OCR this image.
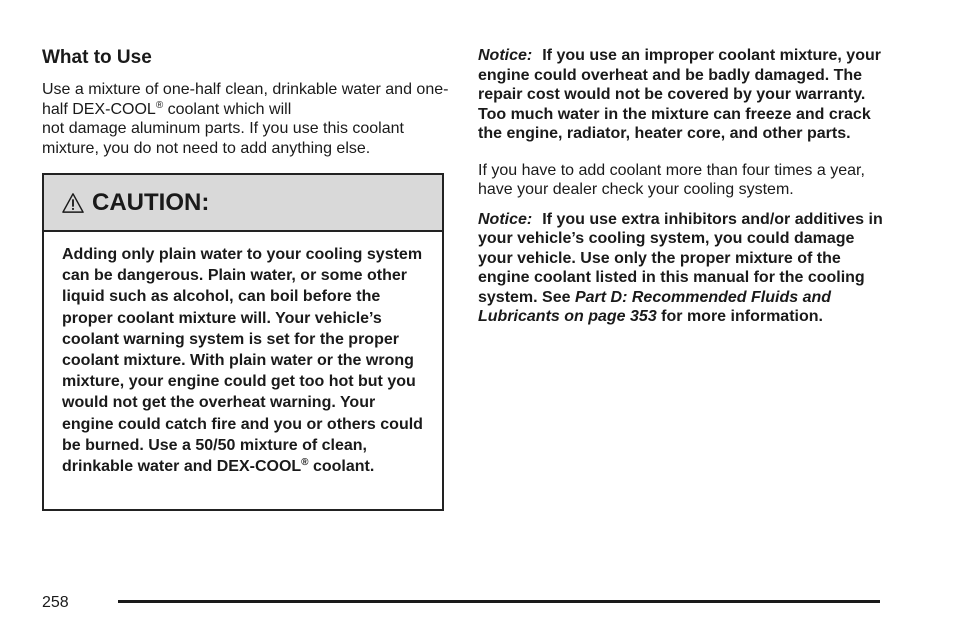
What to Use

Use a mixture of one-half clean, drinkable water and one-half DEX-COOL® coolant which will
not damage aluminum parts. If you use this coolant mixture, you do not need to add anything else.

CAUTION:

Adding only plain water to your cooling system can be dangerous. Plain water, or some other liquid such as alcohol, can boil before the proper coolant mixture will. Your vehicle’s coolant warning system is set for the proper coolant mixture. With plain water or the wrong mixture, your engine could get too hot but you would not get the overheat warning. Your engine could catch fire and you or others could be burned. Use a 50/50 mixture of clean, drinkable water and DEX-COOL® coolant.

Notice: If you use an improper coolant mixture, your engine could overheat and be badly damaged. The repair cost would not be covered by your warranty. Too much water in the mixture can freeze and crack the engine, radiator, heater core, and other parts.

If you have to add coolant more than four times a year, have your dealer check your cooling system.

Notice: If you use extra inhibitors and/or additives in your vehicle’s cooling system, you could damage your vehicle. Use only the proper mixture of the engine coolant listed in this manual for the cooling system. See Part D: Recommended Fluids and Lubricants on page 353 for more information.

258
